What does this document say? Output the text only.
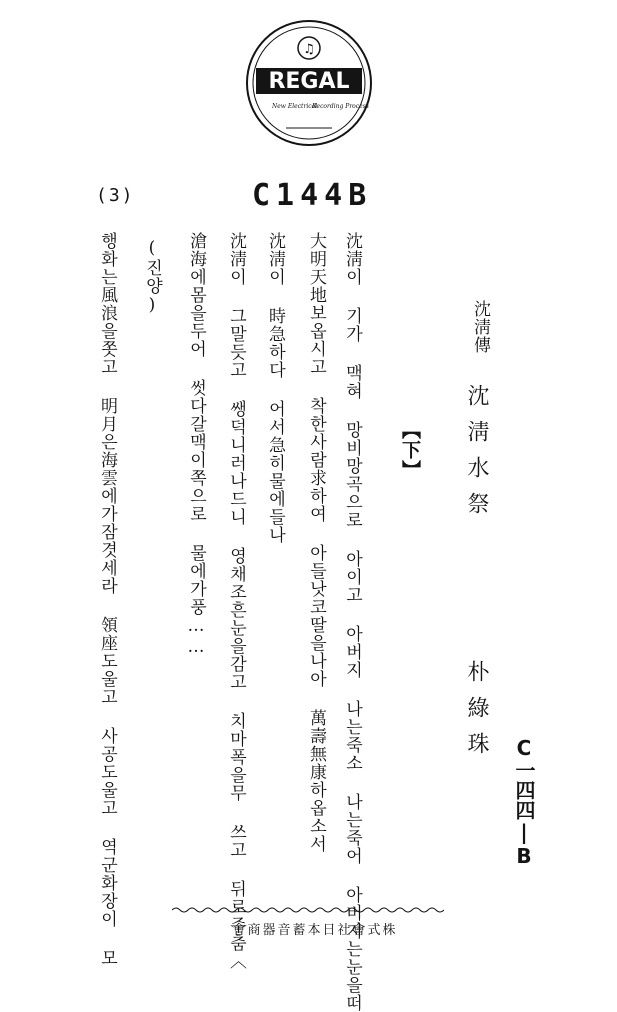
♫
REGAL
New Electrical
Recording Process
C144B
(3)
沈淸傳
沈淸水祭
【下】
朴綠珠
C一四四|B
沈淸이 기가 맥혀 망비망곡으로 아이고 아버지 나는죽소 나는죽어 아버지는눈을떠
大明天地보옵시고 착한사람求하여 아들낫코딸을나아 萬壽無康하옵소서
沈淸이 時急하다 어서急히물에들나
沈淸이 그말듯고 쌩덕니러나드니 영채조흔눈을감고 치마폭을무 쓰고 뒤로주춤〈
滄海에몸을두어 썻다갈맥이쪽으로 물에가풍……
(진양)
행화는風浪을쫏고 明月은海雲에가잠겻세라 領座도울고 사공도울고 역군화장이 모	株式會社日本蓄音器商會
